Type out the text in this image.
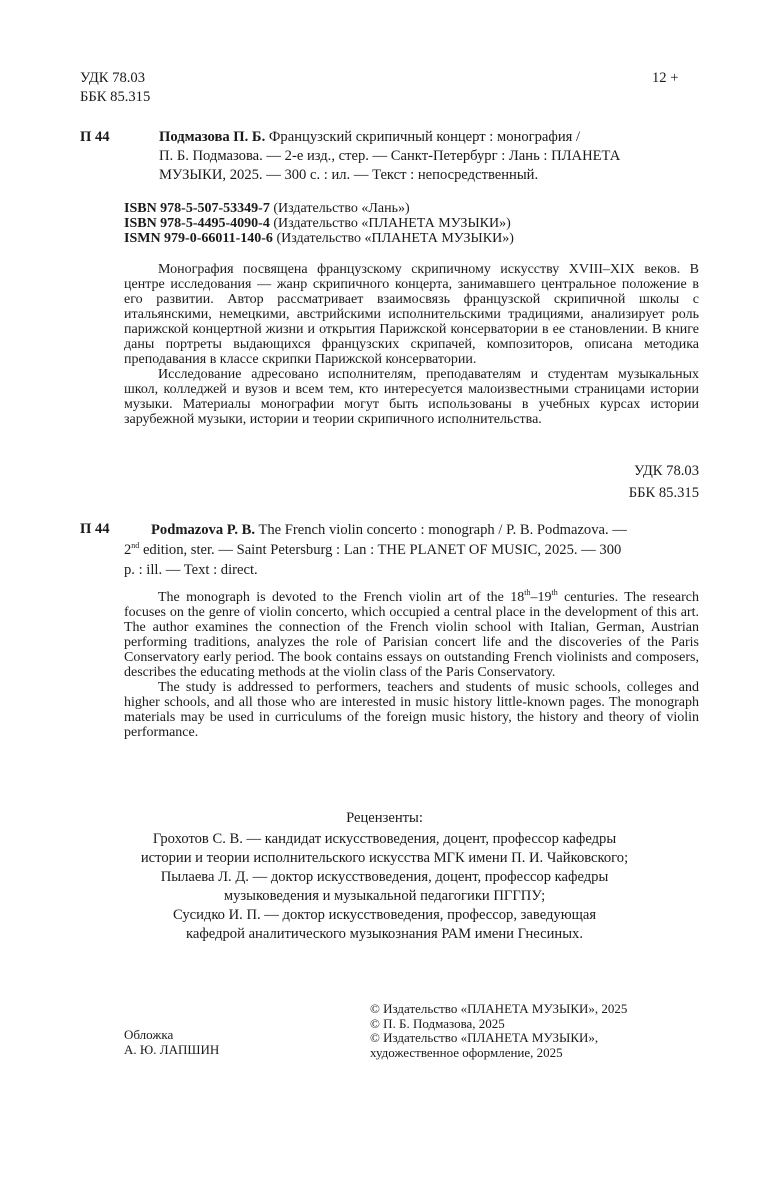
УДК 78.03
ББК 85.315
12 +
П 44	Подмазова П. Б. Французский скрипичный концерт : монография /
П. Б. Подмазова. — 2-е изд., стер. — Санкт-Петербург : Лань : ПЛАНЕТА
МУЗЫКИ, 2025. — 300 с. : ил. — Текст : непосредственный.
ISBN 978-5-507-53349-7 (Издательство «Лань»)
ISBN 978-5-4495-4090-4 (Издательство «ПЛАНЕТА МУЗЫКИ»)
ISMN 979-0-66011-140-6 (Издательство «ПЛАНЕТА МУЗЫКИ»)

Монография посвящена французскому скрипичному искусству XVIII–XIX веков. В центре исследования — жанр скрипичного концерта, занимавшего центральное положение в его развитии. Автор рассматривает взаимосвязь французской скрипичной школы с итальянскими, немецкими, австрийскими исполнительскими традициями, анализирует роль парижской концертной жизни и открытия Парижской консерватории в ее становлении. В книге даны портреты выдающихся французских скрипачей, композиторов, описана методика преподавания в классе скрипки Парижской консерватории.

Исследование адресовано исполнителям, преподавателям и студентам музыкальных школ, колледжей и вузов и всем тем, кто интересуется малоизвестными страницами истории музыки. Материалы монографии могут быть использованы в учебных курсах истории зарубежной музыки, истории и теории скрипичного исполнительства.

УДК 78.03
ББК 85.315
П 44	Podmazova P. B. The French violin concerto : monograph / P. B. Podmazova. —
2nd edition, ster. — Saint Petersburg : Lan : THE PLANET OF MUSIC, 2025. — 300
p. : ill. — Text : direct.

The monograph is devoted to the French violin art of the 18th–19th centuries. The research focuses on the genre of violin concerto, which occupied a central place in the development of this art. The author examines the connection of the French violin school with Italian, German, Austrian performing traditions, analyzes the role of Parisian concert life and the discoveries of the Paris Conservatory early period. The book contains essays on outstanding French violinists and composers, describes the educating methods at the violin class of the Paris Conservatory.

The study is addressed to performers, teachers and students of music schools, colleges and higher schools, and all those who are interested in music history little-known pages. The monograph materials may be used in curriculums of the foreign music history, the history and theory of violin performance.

Рецензенты:
Грохотов С. В. — кандидат искусствоведения, доцент, профессор кафедры
истории и теории исполнительского искусства МГК имени П. И. Чайковского;
Пылаева Л. Д. — доктор искусствоведения, доцент, профессор кафедры
музыковедения и музыкальной педагогики ПГГПУ;
Сусидко И. П. — доктор искусствоведения, профессор, заведующая
кафедрой аналитического музыкознания РАМ имени Гнесиных.
Обложка
А. Ю. ЛАПШИН
© Издательство «ПЛАНЕТА МУЗЫКИ», 2025
© П. Б. Подмазова, 2025
© Издательство «ПЛАНЕТА МУЗЫКИ»,
художественное оформление, 2025
